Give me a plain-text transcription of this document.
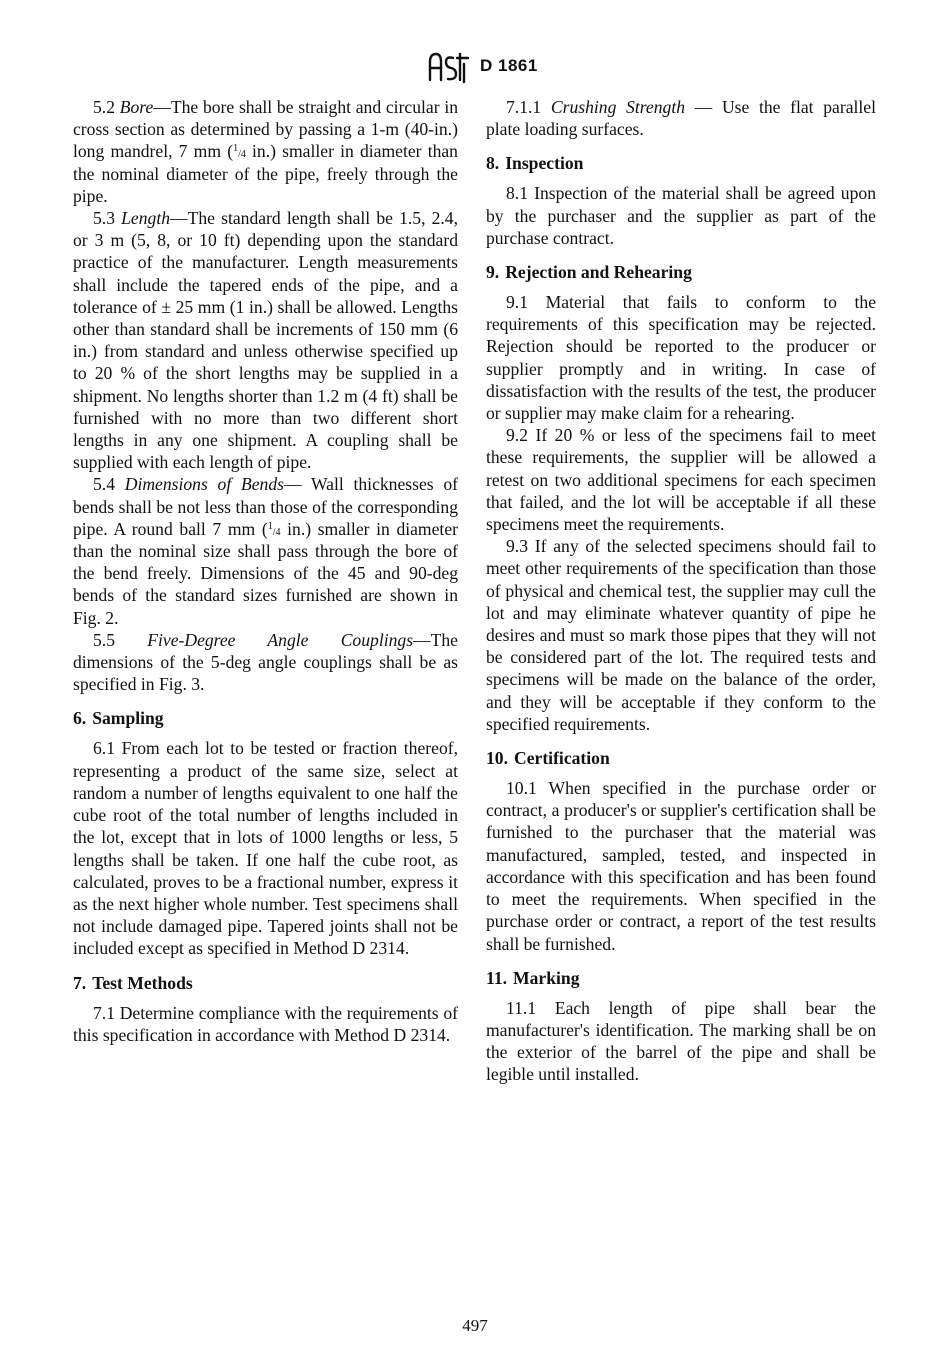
D 1861

5.2 Bore—The bore shall be straight and circular in cross section as determined by passing a 1-m (40-in.) long mandrel, 7 mm ($^1$/4 in.) smaller in diameter than the nominal diameter of the pipe, freely through the pipe.

5.3 Length—The standard length shall be 1.5, 2.4, or 3 m (5, 8, or 10 ft) depending upon the standard practice of the manufacturer. Length measurements shall include the tapered ends of the pipe, and a tolerance of ± 25 mm (1 in.) shall be allowed. Lengths other than standard shall be increments of 150 mm (6 in.) from standard and unless otherwise specified up to 20 % of the short lengths may be supplied in a shipment. No lengths shorter than 1.2 m (4 ft) shall be furnished with no more than two different short lengths in any one shipment. A coupling shall be supplied with each length of pipe.

5.4 Dimensions of Bends— Wall thicknesses of bends shall be not less than those of the corresponding pipe. A round ball 7 mm ($^1$/4 in.) smaller in diameter than the nominal size shall pass through the bore of the bend freely. Dimensions of the 45 and 90-deg bends of the standard sizes furnished are shown in Fig. 2.

5.5 Five-Degree Angle Couplings—The dimensions of the 5-deg angle couplings shall be as specified in Fig. 3.

6. Sampling

6.1 From each lot to be tested or fraction thereof, representing a product of the same size, select at random a number of lengths equivalent to one half the cube root of the total number of lengths included in the lot, except that in lots of 1000 lengths or less, 5 lengths shall be taken. If one half the cube root, as calculated, proves to be a fractional number, express it as the next higher whole number. Test specimens shall not include damaged pipe. Tapered joints shall not be included except as specified in Method D 2314.

7. Test Methods

7.1 Determine compliance with the requirements of this specification in accordance with Method D 2314.

7.1.1 Crushing Strength — Use the flat parallel plate loading surfaces.

8. Inspection

8.1 Inspection of the material shall be agreed upon by the purchaser and the supplier as part of the purchase contract.

9. Rejection and Rehearing

9.1 Material that fails to conform to the requirements of this specification may be rejected. Rejection should be reported to the producer or supplier promptly and in writing. In case of dissatisfaction with the results of the test, the producer or supplier may make claim for a rehearing.

9.2 If 20 % or less of the specimens fail to meet these requirements, the supplier will be allowed a retest on two additional specimens for each specimen that failed, and the lot will be acceptable if all these specimens meet the requirements.

9.3 If any of the selected specimens should fail to meet other requirements of the specification than those of physical and chemical test, the supplier may cull the lot and may eliminate whatever quantity of pipe he desires and must so mark those pipes that they will not be considered part of the lot. The required tests and specimens will be made on the balance of the order, and they will be acceptable if they conform to the specified requirements.

10. Certification

10.1 When specified in the purchase order or contract, a producer's or supplier's certification shall be furnished to the purchaser that the material was manufactured, sampled, tested, and inspected in accordance with this specification and has been found to meet the requirements. When specified in the purchase order or contract, a report of the test results shall be furnished.

11. Marking

11.1 Each length of pipe shall bear the manufacturer's identification. The marking shall be on the exterior of the barrel of the pipe and shall be legible until installed.

497
